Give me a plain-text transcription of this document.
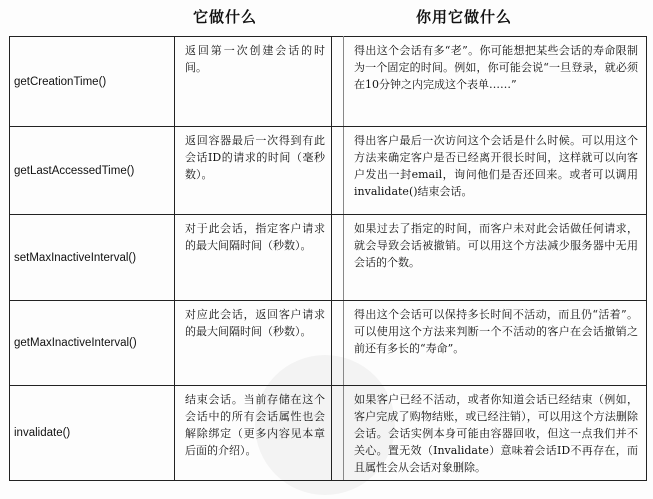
它做什么	你用它做什么
getCreationTime()	返回第一次创建会话的时间。		得出这个会话有多“老”。你可能想把某些会话的寿命限制为一个固定的时间。例如，你可能会说“一旦登录，就必须在10分钟之内完成这个表单……”
getLastAccessedTime()	返回容器最后一次得到有此会话ID的请求的时间（毫秒数）。		得出客户最后一次访问这个会话是什么时候。可以用这个方法来确定客户是否已经离开很长时间，这样就可以向客户发出一封email，询问他们是否还回来。或者可以调用invalidate()结束会话。
setMaxInactiveInterval()	对于此会话，指定客户请求的最大间隔时间（秒数）。		如果过去了指定的时间，而客户未对此会话做任何请求，就会导致会话被撤销。可以用这个方法减少服务器中无用会话的个数。
getMaxInactiveInterval()	对应此会话，返回客户请求的最大间隔时间（秒数）。		得出这个会话可以保持多长时间不活动，而且仍“活着”。可以使用这个方法来判断一个不活动的客户在会话撤销之前还有多长的“寿命”。
invalidate()	结束会话。当前存储在这个会话中的所有会话属性也会解除绑定（更多内容见本章后面的介绍）。		如果客户已经不活动，或者你知道会话已经结束（例如，客户完成了购物结账，或已经注销），可以用这个方法删除会话。会话实例本身可能由容器回收，但这一点我们并不关心。置无效（Invalidate）意味着会话ID不再存在，而且属性会从会话对象删除。
